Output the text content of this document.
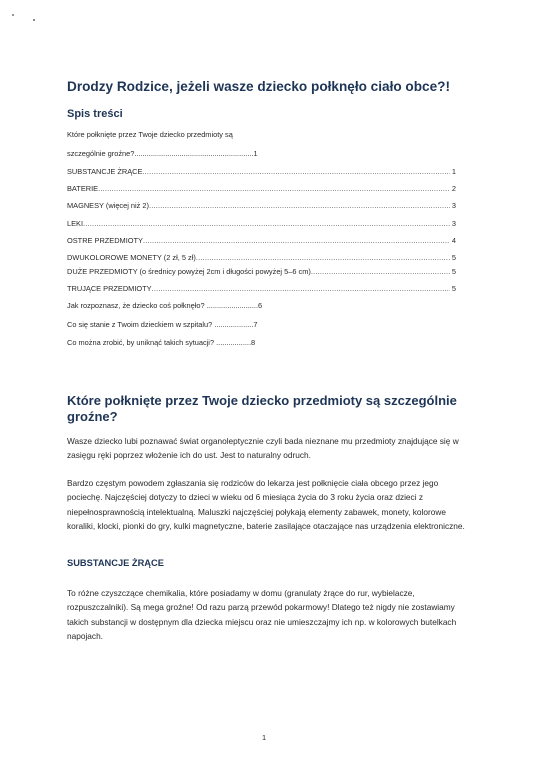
Drodzy Rodzice, jeżeli wasze dziecko połknęło ciało obce?!
Spis treści
Które połknięte przez Twoje dziecko przedmioty są
szczególnie groźne?..........................................................1
SUBSTANCJE ŻRĄCE .....	1
BATERIE .....	2
MAGNESY (więcej niż 2) .....	3
LEKI .....	3
OSTRE PRZEDMIOTY .....	4
DWUKOLOROWE MONETY (2 zł, 5 zł) .....	5
DUŻE PRZEDMIOTY (o średnicy powyżej 2cm i długości powyżej 5–6 cm) .....	5
TRUJĄCE PRZEDMIOTY .....	5
Jak rozpoznasz, że dziecko coś połknęło? .........................6
Co się stanie z Twoim dzieckiem w szpitalu? ...................7
Co można zrobić, by uniknąć takich sytuacji? .................8
Które połknięte przez Twoje dziecko przedmioty są szczególnie groźne?
Wasze dziecko lubi poznawać świat organoleptycznie czyli bada nieznane mu przedmioty znajdujące się w zasięgu ręki poprzez włożenie ich do ust. Jest to naturalny odruch.
Bardzo częstym powodem zgłaszania się rodziców do lekarza jest połknięcie ciała obcego przez jego pociechę. Najczęściej dotyczy to dzieci w wieku od 6 miesiąca życia do 3 roku życia oraz dzieci z niepełnosprawnością intelektualną. Maluszki najczęściej połykają elementy zabawek, monety, kolorowe koraliki, klocki, pionki do gry, kulki magnetyczne, baterie zasilające otaczające nas urządzenia elektroniczne.
SUBSTANCJE ŻRĄCE
To różne czyszczące chemikalia, które posiadamy w domu (granulaty żrące do rur, wybielacze, rozpuszczalniki). Są mega groźne! Od razu parzą przewód pokarmowy! Dlatego też nigdy nie zostawiamy takich substancji w dostępnym dla dziecka miejscu oraz nie umieszczajmy ich np. w kolorowych butelkach napojach.
1
